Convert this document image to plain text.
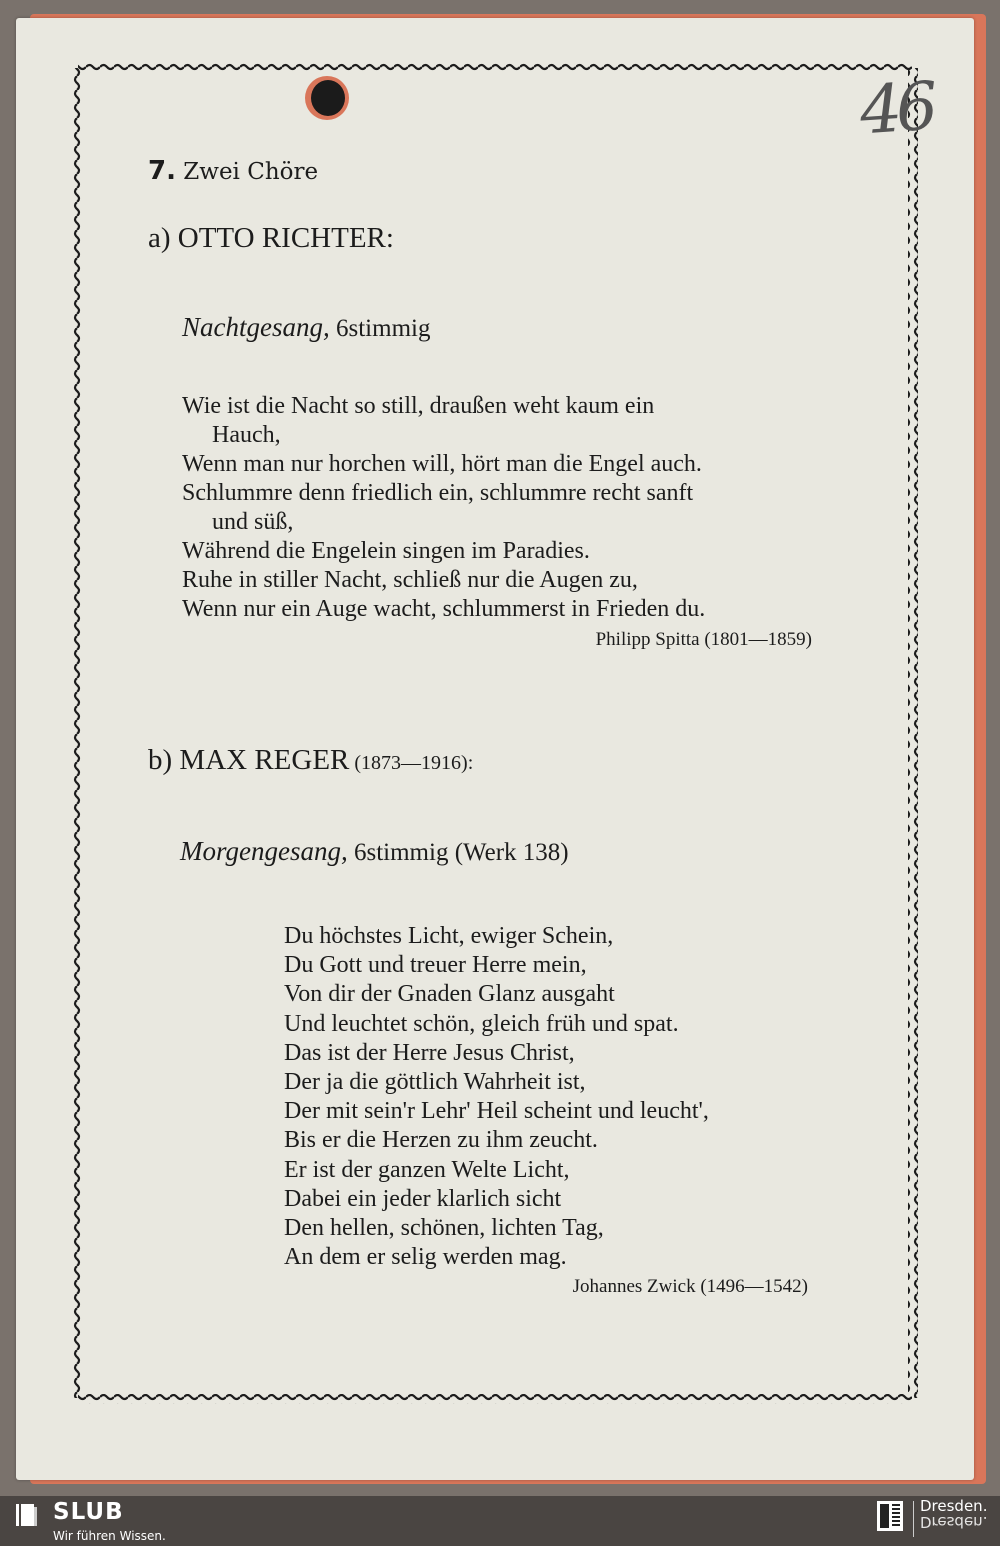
46
7. Zwei Chöre
a) OTTO RICHTER:
Nachtgesang, 6stimmig
Wie ist die Nacht so still, draußen weht kaum ein
Hauch,
Wenn man nur horchen will, hört man die Engel auch.
Schlummre denn friedlich ein, schlummre recht sanft
und süß,
Während die Engelein singen im Paradies.
Ruhe in stiller Nacht, schließ nur die Augen zu,
Wenn nur ein Auge wacht, schlummerst in Frieden du.
Philipp Spitta (1801—1859)
b) MAX REGER (1873—1916):
Morgengesang, 6stimmig (Werk 138)
Du höchstes Licht, ewiger Schein,
Du Gott und treuer Herre mein,
Von dir der Gnaden Glanz ausgaht
Und leuchtet schön, gleich früh und spat.
Das ist der Herre Jesus Christ,
Der ja die göttlich Wahrheit ist,
Der mit sein'r Lehr' Heil scheint und leucht',
Bis er die Herzen zu ihm zeucht.
Er ist der ganzen Welte Licht,
Dabei ein jeder klarlich sicht
Den hellen, schönen, lichten Tag,
An dem er selig werden mag.
Johannes Zwick (1496—1542)
SLUB
Wir führen Wissen.
Dresden.
Dresden.
